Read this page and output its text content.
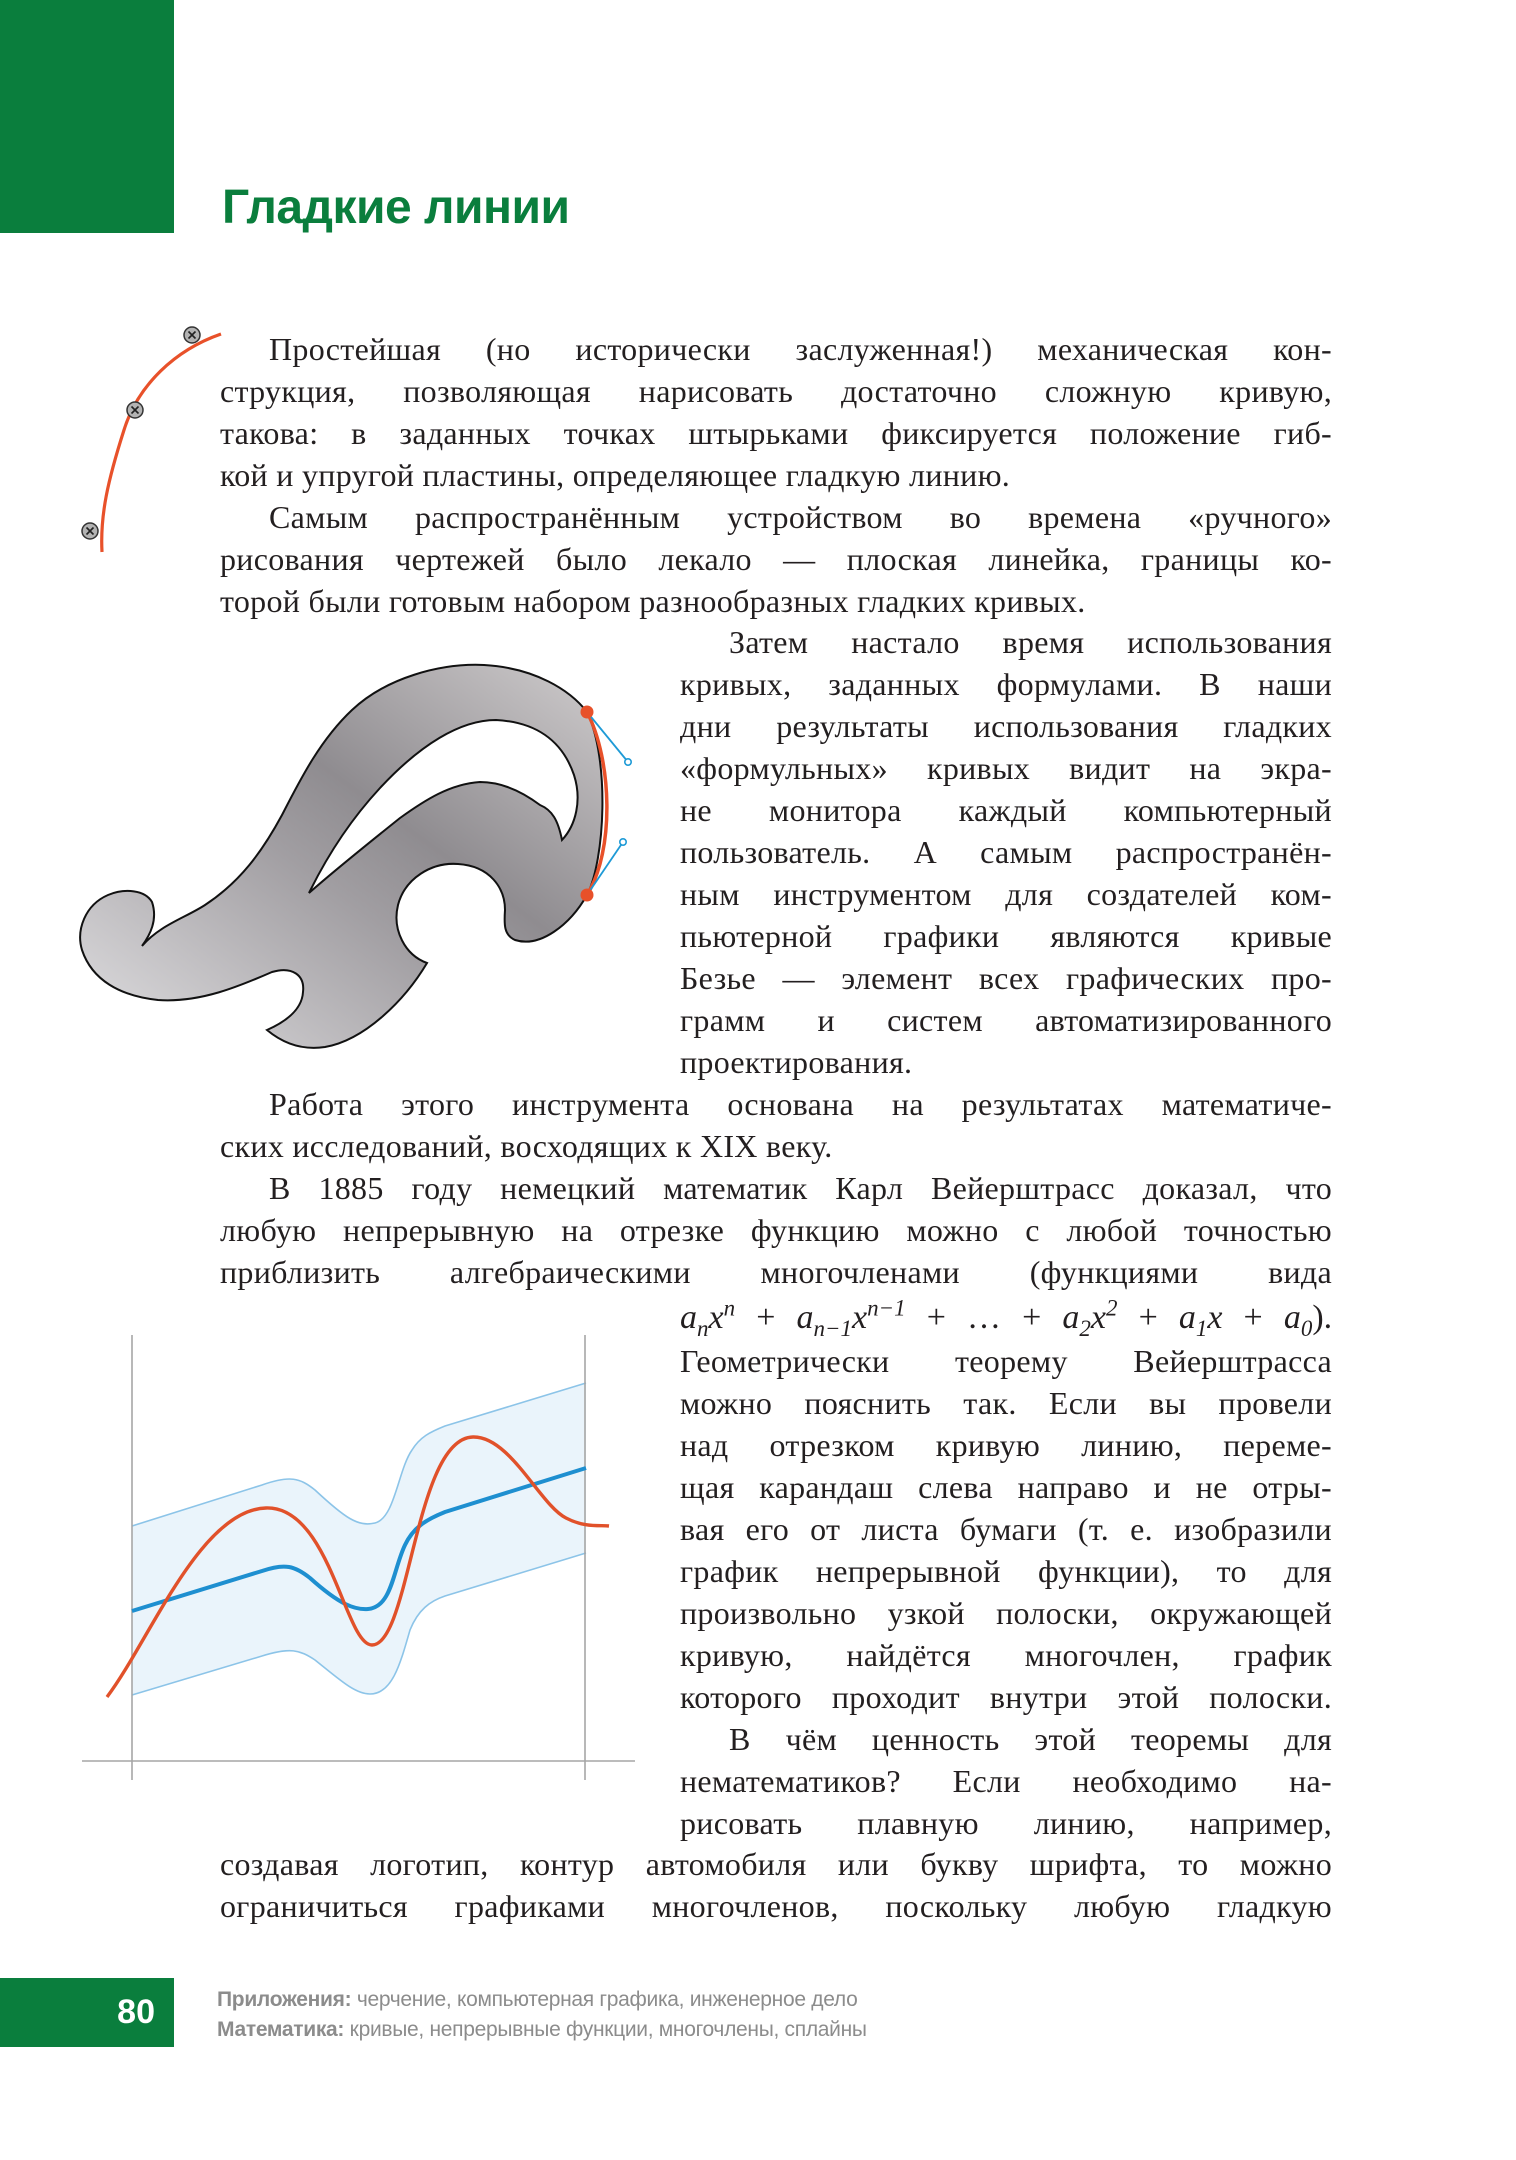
Гладкие линии
Простейшая (но исторически заслуженная!) механическая кон-
струкция, позволяющая нарисовать достаточно сложную кривую,
такова: в заданных точках штырьками фиксируется положение гиб-
кой и упругой пластины, определяющее гладкую линию.
Самым распространённым устройством во времена «ручного»
рисования чертежей было лекало — плоская линейка, границы ко-
торой были готовым набором разнообразных гладких кривых.
Затем настало время использования
кривых, заданных формулами. В наши
дни результаты использования гладких
«формульных» кривых видит на экра-
не монитора каждый компьютерный
пользователь. А самым распространён-
ным инструментом для создателей ком-
пьютерной графики являются кривые
Безье — элемент всех графических про-
грамм и систем автоматизированного
проектирования.
Работа этого инструмента основана на результатах математиче-
ских исследований, восходящих к XIX веку.
В 1885 году немецкий математик Карл Вейерштрасс доказал, что
любую непрерывную на отрезке функцию можно с любой точностью
приблизить алгебраическими многочленами (функциями вида
$a_nx^n + a_{n-1}x^{n-1}$ + … + $a_2x^2 + a_1x + a_0$).
Геометрически теорему Вейерштрасса
можно пояснить так. Если вы провели
над отрезком кривую линию, переме-
щая карандаш слева направо и не отры-
вая его от листа бумаги (т. е. изобразили
график непрерывной функции), то для
произвольно узкой полоски, окружающей
кривую, найдётся многочлен, график
которого проходит внутри этой полоски.
В чём ценность этой теоремы для
нематематиков? Если необходимо на-
рисовать плавную линию, например,
создавая логотип, контур автомобиля или букву шрифта, то можно
ограничиться графиками многочленов, поскольку любую гладкую
80	Приложения: черчение, компьютерная графика, инженерное дело
Математика: кривые, непрерывные функции, многочлены, сплайны
